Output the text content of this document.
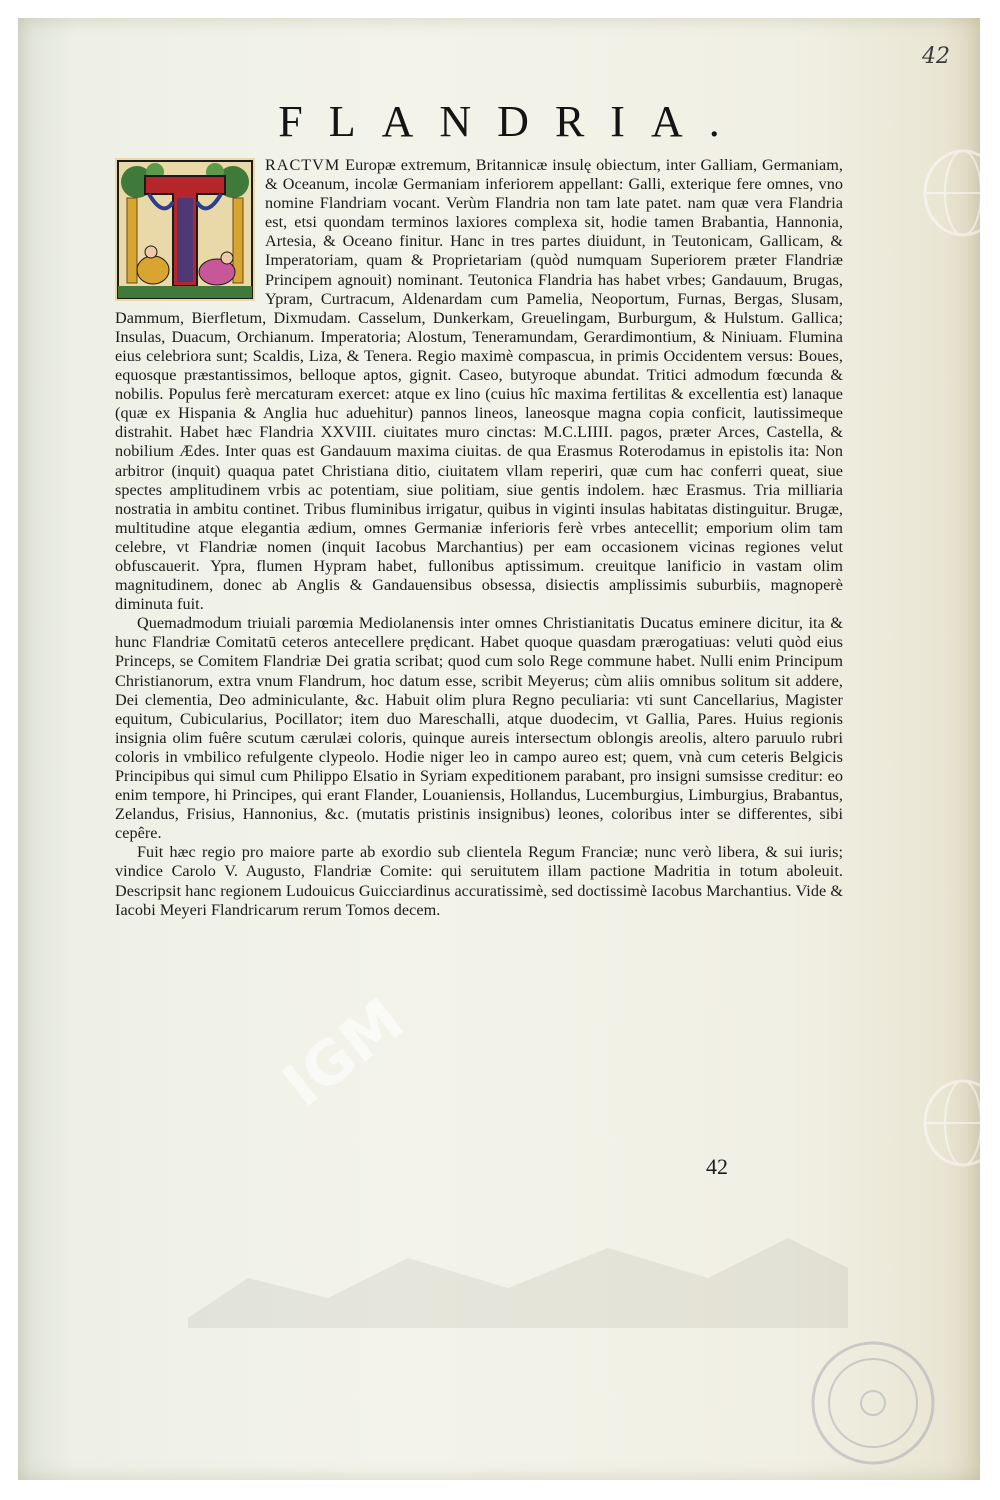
42
FLANDRIA.

RACTVM Europæ extremum, Britannicæ insulę obiectum, inter Galliam, Germaniam, & Oceanum, incolæ Germaniam inferiorem appellant: Galli, exterique fere omnes, vno nomine Flandriam vocant. Verùm Flandria non tam late patet. nam quæ vera Flandria est, etsi quondam terminos laxiores complexa sit, hodie tamen Brabantia, Hannonia, Artesia, & Oceano finitur. Hanc in tres partes diuidunt, in Teutonicam, Gallicam, & Imperatoriam, quam & Proprietariam (quòd numquam Superiorem præter Flandriæ Principem agnouit) nominant. Teutonica Flandria has habet vrbes; Gandauum, Brugas, Ypram, Curtracum, Aldenardam cum Pamelia, Neoportum, Furnas, Bergas, Slusam, Dammum, Bierfletum, Dixmudam. Casselum, Dunkerkam, Greuelingam, Burburgum, & Hulstum. Gallica; Insulas, Duacum, Orchianum. Imperatoria; Alostum, Teneramundam, Gerardimontium, & Niniuam. Flumina eius celebriora sunt; Scaldis, Liza, & Tenera. Regio maximè compascua, in primis Occidentem versus: Boues, equosque præstantissimos, belloque aptos, gignit. Caseo, butyroque abundat. Tritici admodum fœcunda & nobilis. Populus ferè mercaturam exercet: atque ex lino (cuius hîc maxima fertilitas & excellentia est) lanaque (quæ ex Hispania & Anglia huc aduehitur) pannos lineos, laneosque magna copia conficit, lautissimeque distrahit. Habet hæc Flandria XXVIII. ciuitates muro cinctas: M.C.LIIII. pagos, præter Arces, Castella, & nobilium Ædes. Inter quas est Gandauum maxima ciuitas. de qua Erasmus Roterodamus in epistolis ita: Non arbitror (inquit) quaqua patet Christiana ditio, ciuitatem vllam reperiri, quæ cum hac conferri queat, siue spectes amplitudinem vrbis ac potentiam, siue politiam, siue gentis indolem. hæc Erasmus. Tria milliaria nostratia in ambitu continet. Tribus fluminibus irrigatur, quibus in viginti insulas habitatas distinguitur. Brugæ, multitudine atque elegantia ædium, omnes Germaniæ inferioris ferè vrbes antecellit; emporium olim tam celebre, vt Flandriæ nomen (inquit Iacobus Marchantius) per eam occasionem vicinas regiones velut obfuscauerit. Ypra, flumen Hypram habet, fullonibus aptissimum. creuitque lanificio in vastam olim magnitudinem, donec ab Anglis & Gandauensibus obsessa, disiectis amplissimis suburbiis, magnoperè diminuta fuit.

Quemadmodum triuiali parœmia Mediolanensis inter omnes Christianitatis Ducatus eminere dicitur, ita & hunc Flandriæ Comitatū ceteros antecellere prędicant. Habet quoque quasdam prærogatiuas: veluti quòd eius Princeps, se Comitem Flandriæ Dei gratia scribat; quod cum solo Rege commune habet. Nulli enim Principum Christianorum, extra vnum Flandrum, hoc datum esse, scribit Meyerus; cùm aliis omnibus solitum sit addere, Dei clementia, Deo adminiculante, &c. Habuit olim plura Regno peculiaria: vti sunt Cancellarius, Magister equitum, Cubicularius, Pocillator; item duo Mareschalli, atque duodecim, vt Gallia, Pares. Huius regionis insignia olim fuêre scutum cærulæi coloris, quinque aureis intersectum oblongis areolis, altero paruulo rubri coloris in vmbilico refulgente clypeolo. Hodie niger leo in campo aureo est; quem, vnà cum ceteris Belgicis Principibus qui simul cum Philippo Elsatio in Syriam expeditionem parabant, pro insigni sumsisse creditur: eo enim tempore, hi Principes, qui erant Flander, Louaniensis, Hollandus, Lucemburgius, Limburgius, Brabantus, Zelandus, Frisius, Hannonius, &c. (mutatis pristinis insignibus) leones, coloribus inter se differentes, sibi cepêre.

Fuit hæc regio pro maiore parte ab exordio sub clientela Regum Franciæ; nunc verò libera, & sui iuris; vindice Carolo V. Augusto, Flandriæ Comite: qui seruitutem illam pactione Madritia in totum aboleuit. Descripsit hanc regionem Ludouicus Guicciardinus accuratissimè, sed doctissimè Iacobus Marchantius. Vide & Iacobi Meyeri Flandricarum rerum Tomos decem.

42
IGM
